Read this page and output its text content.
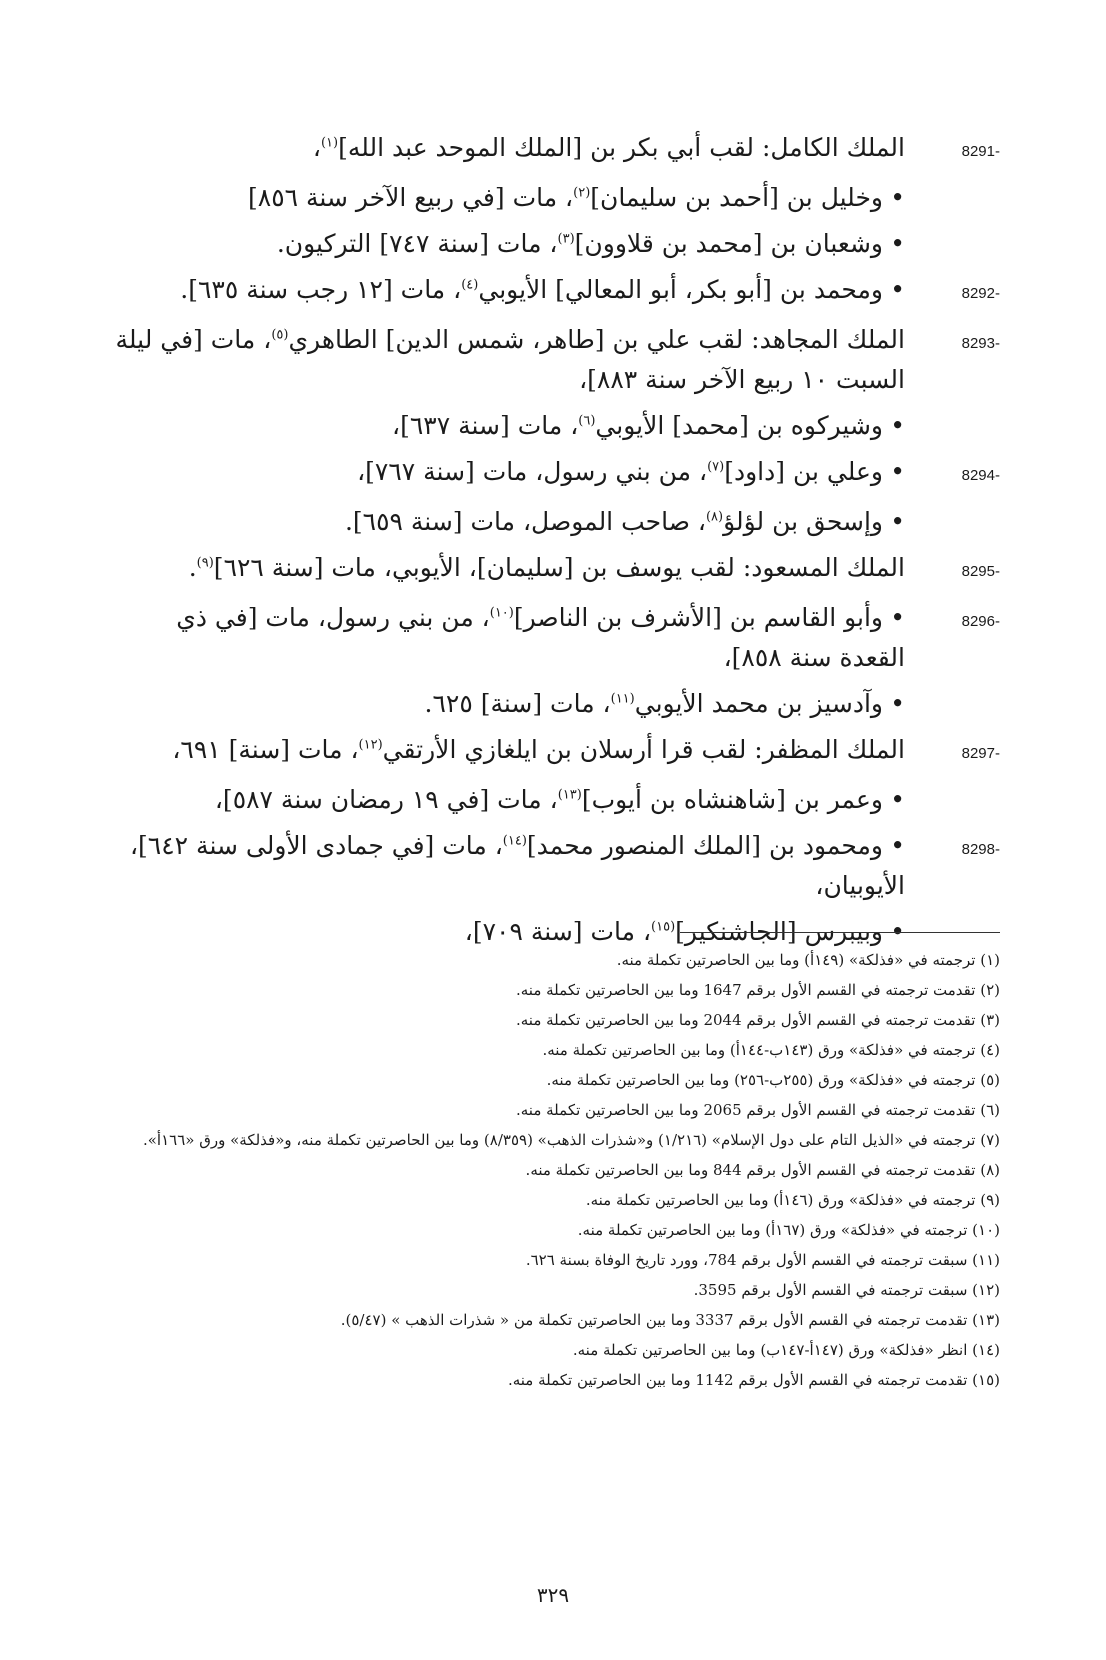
8291-
الملك الكامل: لقب أبي بكر بن [الملك الموحد عبد الله]$^{(١)}$،
•وخليل بن [أحمد بن سليمان]$^{(٢)}$، مات [في ربيع الآخر سنة ٨٥٦]
•وشعبان بن [محمد بن قلاوون]$^{(٣)}$، مات [سنة ٧٤٧] التركيون.
8292-
•ومحمد بن [أبو بكر، أبو المعالي] الأيوبي$^{(٤)}$، مات [١٢ رجب سنة ٦٣٥].
8293-
الملك المجاهد: لقب علي بن [طاهر، شمس الدين] الطاهري$^{(٥)}$، مات [في ليلة السبت ١٠ ربيع الآخر سنة ٨٨٣]،
•وشيركوه بن [محمد] الأيوبي$^{(٦)}$، مات [سنة ٦٣٧]،
8294-
•وعلي بن [داود]$^{(٧)}$، من بني رسول، مات [سنة ٧٦٧]،
•وإسحق بن لؤلؤ$^{(٨)}$، صاحب الموصل، مات [سنة ٦٥٩].
8295-
الملك المسعود: لقب يوسف بن [سليمان]، الأيوبي، مات [سنة ٦٢٦]$^{(٩)}$.
8296-
•وأبو القاسم بن [الأشرف بن الناصر]$^{(١٠)}$، من بني رسول، مات [في ذي القعدة سنة ٨٥٨]،
•وآدسيز بن محمد الأيوبي$^{(١١)}$، مات [سنة] ٦٢٥.
8297-
الملك المظفر: لقب قرا أرسلان بن ايلغازي الأرتقي$^{(١٢)}$، مات [سنة] ٦٩١،
•وعمر بن [شاهنشاه بن أيوب]$^{(١٣)}$، مات [في ١٩ رمضان سنة ٥٨٧]،
8298-
•ومحمود بن [الملك المنصور محمد]$^{(١٤)}$، مات [في جمادى الأولى سنة ٦٤٢]، الأيوبيان،
•وبيبرس [الجاشنكير]$^{(١٥)}$، مات [سنة ٧٠٩]،

(١) ترجمته في «فذلكة» (١٤٩أ) وما بين الحاصرتين تكملة منه.

(٢) تقدمت ترجمته في القسم الأول برقم 1647 وما بين الحاصرتين تكملة منه.

(٣) تقدمت ترجمته في القسم الأول برقم 2044 وما بين الحاصرتين تكملة منه.

(٤) ترجمته في «فذلكة» ورق (١٤٣ب-١٤٤أ) وما بين الحاصرتين تكملة منه.

(٥) ترجمته في «فذلكة» ورق (٢٥٥ب-٢٥٦) وما بين الحاصرتين تكملة منه.

(٦) تقدمت ترجمته في القسم الأول برقم 2065 وما بين الحاصرتين تكملة منه.

(٧) ترجمته في «الذيل التام على دول الإسلام» (١/٢١٦) و«شذرات الذهب» (٨/٣٥٩) وما بين الحاصرتين تكملة منه، و«فذلكة» ورق «١٦٦أ».

(٨) تقدمت ترجمته في القسم الأول برقم 844 وما بين الحاصرتين تكملة منه.

(٩) ترجمته في «فذلكة» ورق (١٤٦أ) وما بين الحاصرتين تكملة منه.

(١٠) ترجمته في «فذلكة» ورق (١٦٧أ) وما بين الحاصرتين تكملة منه.

(١١) سبقت ترجمته في القسم الأول برقم 784، وورد تاريخ الوفاة بسنة ٦٢٦.

(١٢) سبقت ترجمته في القسم الأول برقم 3595.

(١٣) تقدمت ترجمته في القسم الأول برقم 3337 وما بين الحاصرتين تكملة من « شذرات الذهب » (٥/٤٧).

(١٤) انظر «فذلكة» ورق (١٤٧أ-١٤٧ب) وما بين الحاصرتين تكملة منه.

(١٥) تقدمت ترجمته في القسم الأول برقم 1142 وما بين الحاصرتين تكملة منه.

٣٢٩
